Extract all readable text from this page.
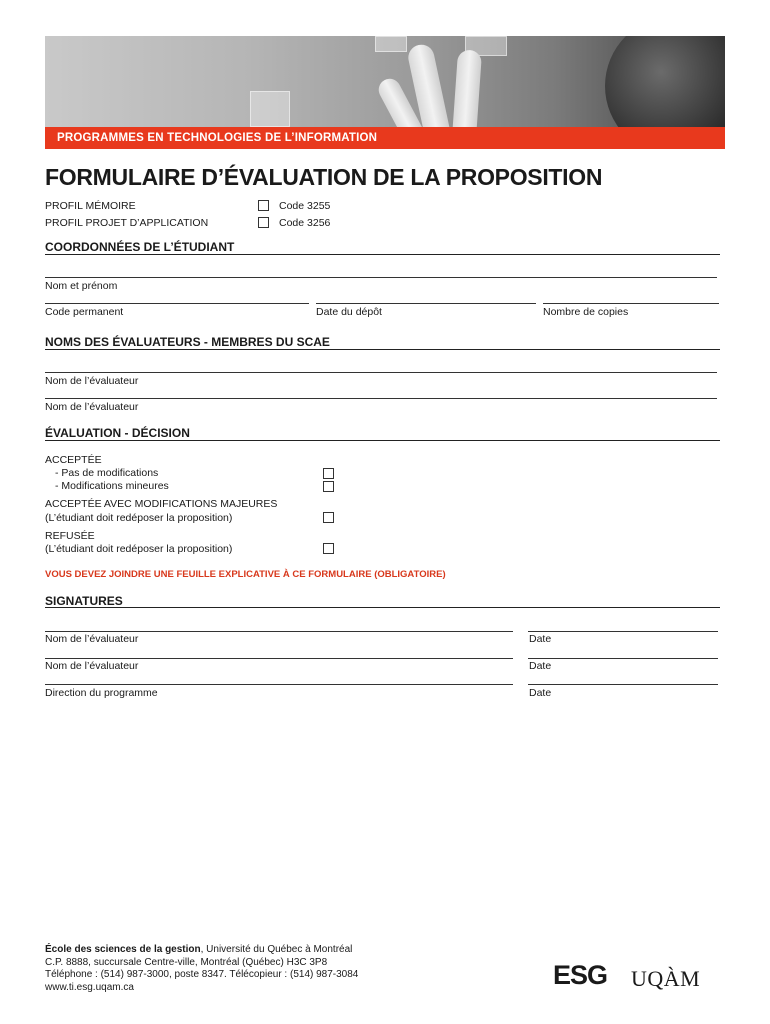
PROGRAMMES EN TECHNOLOGIES DE L’INFORMATION
FORMULAIRE D’ÉVALUATION DE LA PROPOSITION
PROFIL MÉMOIRE	Code 3255
PROFIL PROJET D’APPLICATION	Code 3256
COORDONNÉES DE L’ÉTUDIANT
Nom et prénom
Code permanent	Date du dépôt	Nombre de copies
NOMS DES ÉVALUATEURS - MEMBRES DU SCAE
Nom de l’évaluateur
Nom de l’évaluateur
ÉVALUATION - DÉCISION
ACCEPTÉE
- Pas de modifications
- Modifications mineures
ACCEPTÉE AVEC MODIFICATIONS MAJEURES
(L’étudiant doit redéposer la proposition)
REFUSÉE
(L’étudiant doit redéposer la proposition)
VOUS DEVEZ JOINDRE UNE FEUILLE EXPLICATIVE À CE FORMULAIRE (OBLIGATOIRE)
SIGNATURES
Nom de l’évaluateur	Date
Nom de l’évaluateur	Date
Direction du programme	Date
École des sciences de la gestion, Université du Québec à Montréal
C.P. 8888, succursale Centre-ville, Montréal (Québec) H3C 3P8
Téléphone : (514) 987-3000, poste 8347. Télécopieur : (514) 987-3084
www.ti.esg.uqam.ca	ESG UQÀM
